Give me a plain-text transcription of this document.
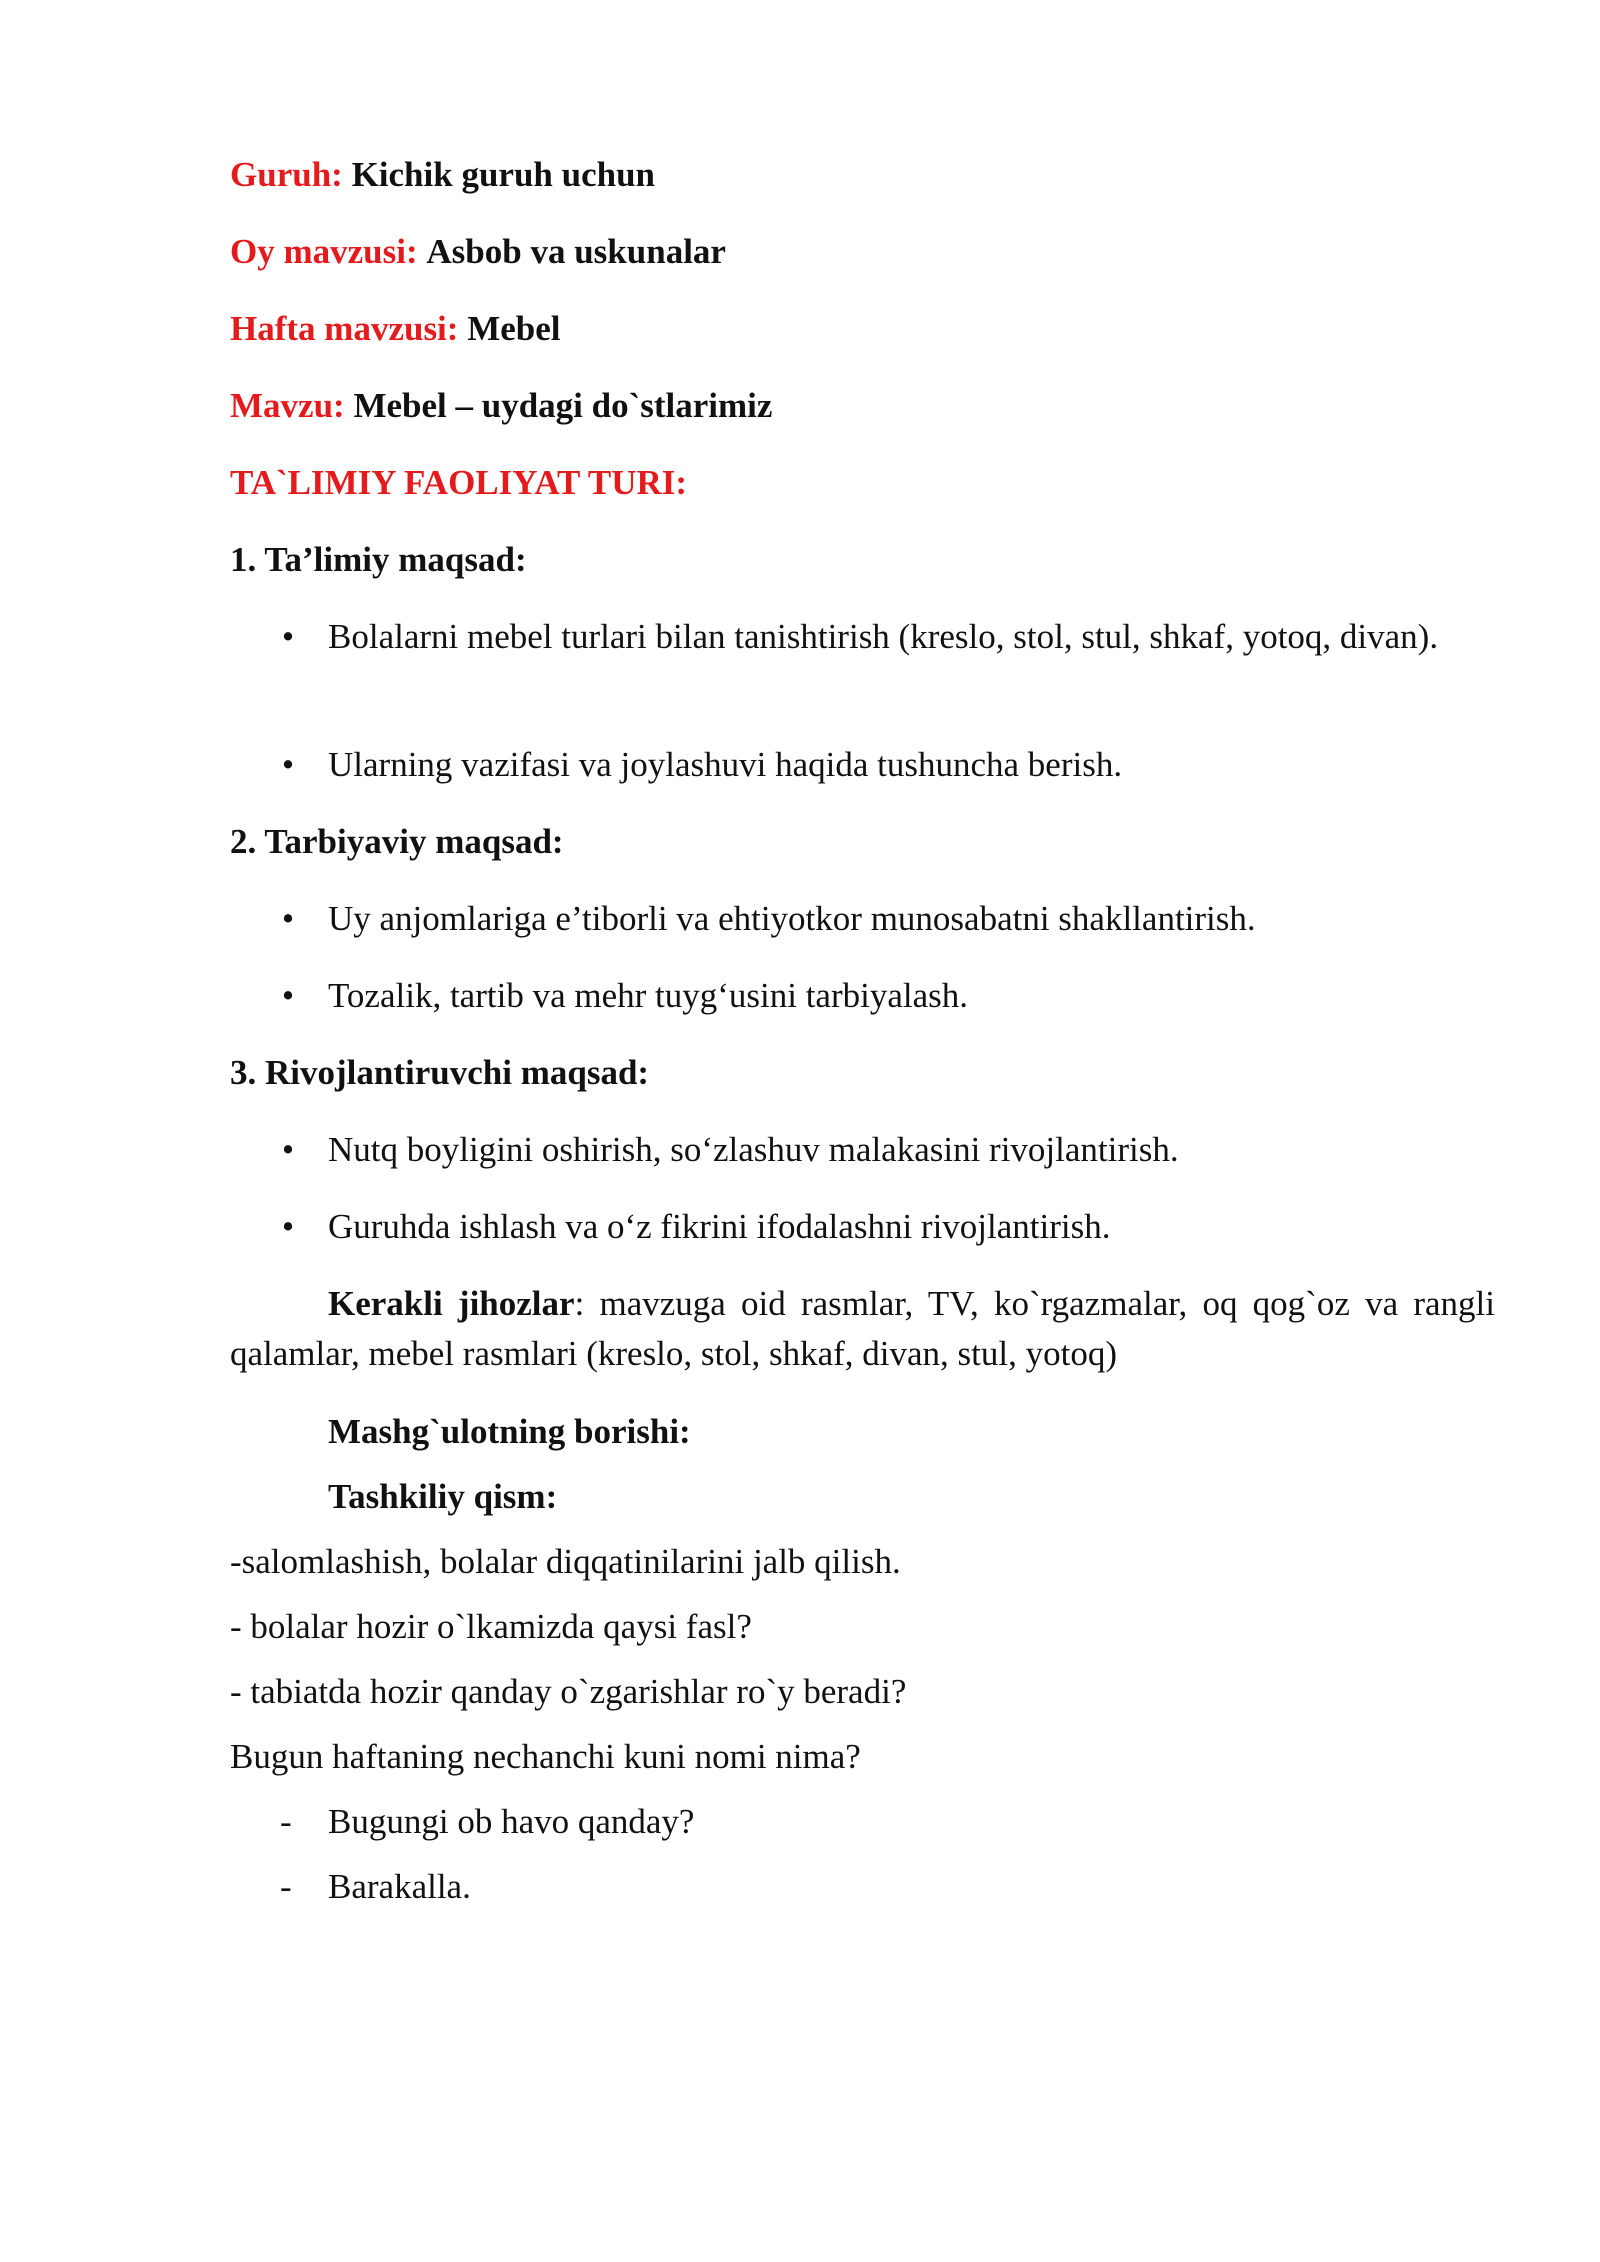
Guruh: Kichik guruh uchun
Oy mavzusi: Asbob va uskunalar
Hafta mavzusi: Mebel
Mavzu: Mebel – uydagi do`stlarimiz
TA`LIMIY FAOLIYAT TURI:
1. Ta’limiy maqsad:
• Bolalarni mebel turlari bilan tanishtirish (kreslo, stol, stul, shkaf, yotoq, divan).
• Ularning vazifasi va joylashuvi haqida tushuncha berish.
2. Tarbiyaviy maqsad:
• Uy anjomlariga e’tiborli va ehtiyotkor munosabatni shakllantirish.
• Tozalik, tartib va mehr tuyg‘usini tarbiyalash.
3. Rivojlantiruvchi maqsad:
• Nutq boyligini oshirish, so‘zlashuv malakasini rivojlantirish.
• Guruhda ishlash va o‘z fikrini ifodalashni rivojlantirish.
Kerakli jihozlar: mavzuga oid rasmlar, TV, ko`rgazmalar, oq qog`oz va rangli qalamlar, mebel rasmlari (kreslo, stol, shkaf, divan, stul, yotoq)
Mashg`ulotning borishi:
Tashkiliy qism:
-salomlashish, bolalar diqqatinilarini jalb qilish.
- bolalar hozir o`lkamizda qaysi fasl?
- tabiatda hozir qanday o`zgarishlar ro`y beradi?
Bugun haftaning nechanchi kuni nomi nima?
- Bugungi ob havo qanday?
- Barakalla.
